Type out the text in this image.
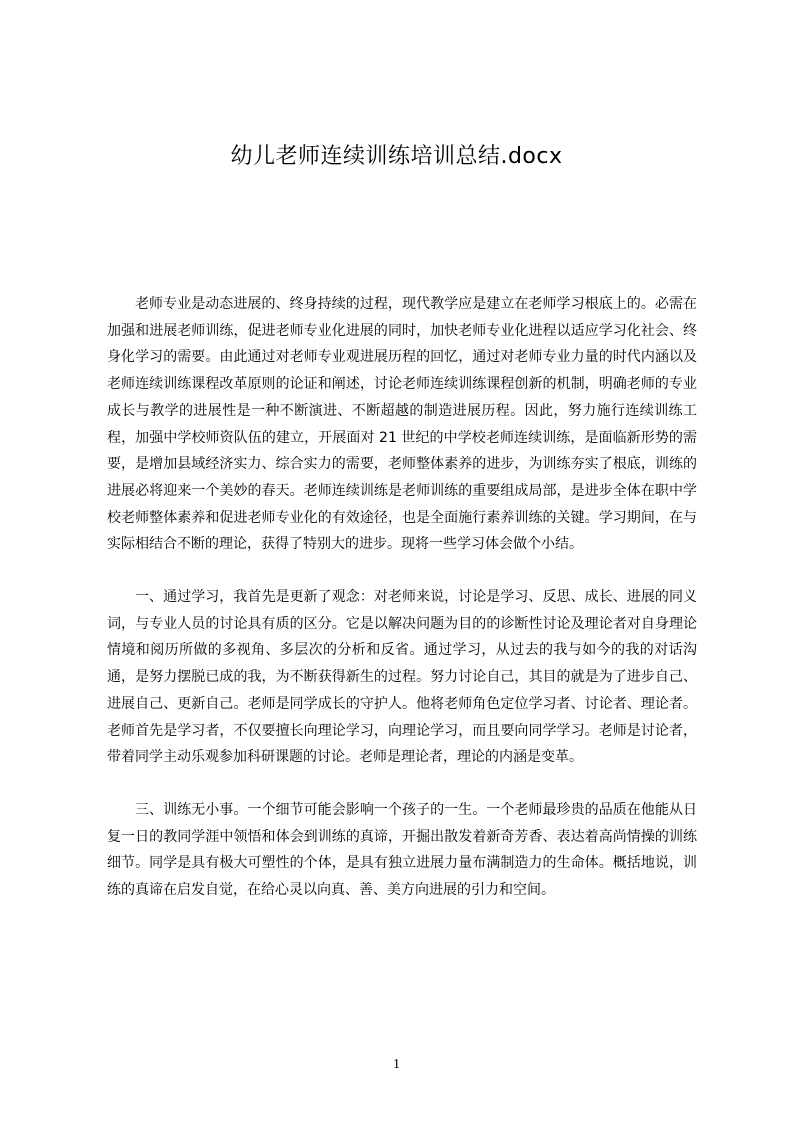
幼儿老师连续训练培训总结.docx

老师专业是动态进展的、终身持续的过程，现代教学应是建立在老师学习根底上的。必需在加强和进展老师训练，促进老师专业化进展的同时，加快老师专业化进程以适应学习化社会、终身化学习的需要。由此通过对老师专业观进展历程的回忆，通过对老师专业力量的时代内涵以及老师连续训练课程改革原则的论证和阐述，讨论老师连续训练课程创新的机制，明确老师的专业成长与教学的进展性是一种不断演进、不断超越的制造进展历程。因此，努力施行连续训练工程，加强中学校师资队伍的建立，开展面对 21 世纪的中学校老师连续训练，是面临新形势的需要，是增加县域经济实力、综合实力的需要，老师整体素养的进步，为训练夯实了根底，训练的进展必将迎来一个美妙的春天。老师连续训练是老师训练的重要组成局部，是进步全体在职中学校老师整体素养和促进老师专业化的有效途径，也是全面施行素养训练的关键。学习期间，在与实际相结合不断的理论，获得了特别大的进步。现将一些学习体会做个小结。

一、通过学习，我首先是更新了观念：对老师来说，讨论是学习、反思、成长、进展的同义词，与专业人员的讨论具有质的区分。它是以解决问题为目的的诊断性讨论及理论者对自身理论情境和阅历所做的多视角、多层次的分析和反省。通过学习，从过去的我与如今的我的对话沟通，是努力摆脱已成的我，为不断获得新生的过程。努力讨论自己，其目的就是为了进步自己、进展自己、更新自己。老师是同学成长的守护人。他将老师角色定位学习者、讨论者、理论者。老师首先是学习者，不仅要擅长向理论学习，向理论学习，而且要向同学学习。老师是讨论者，带着同学主动乐观参加科研课题的讨论。老师是理论者，理论的内涵是变革。

三、训练无小事。一个细节可能会影响一个孩子的一生。一个老师最珍贵的品质在他能从日复一日的教同学涯中领悟和体会到训练的真谛，开掘出散发着新奇芳香、表达着高尚情操的训练细节。同学是具有极大可塑性的个体，是具有独立进展力量布满制造力的生命体。概括地说，训练的真谛在启发自觉，在给心灵以向真、善、美方向进展的引力和空间。

1
